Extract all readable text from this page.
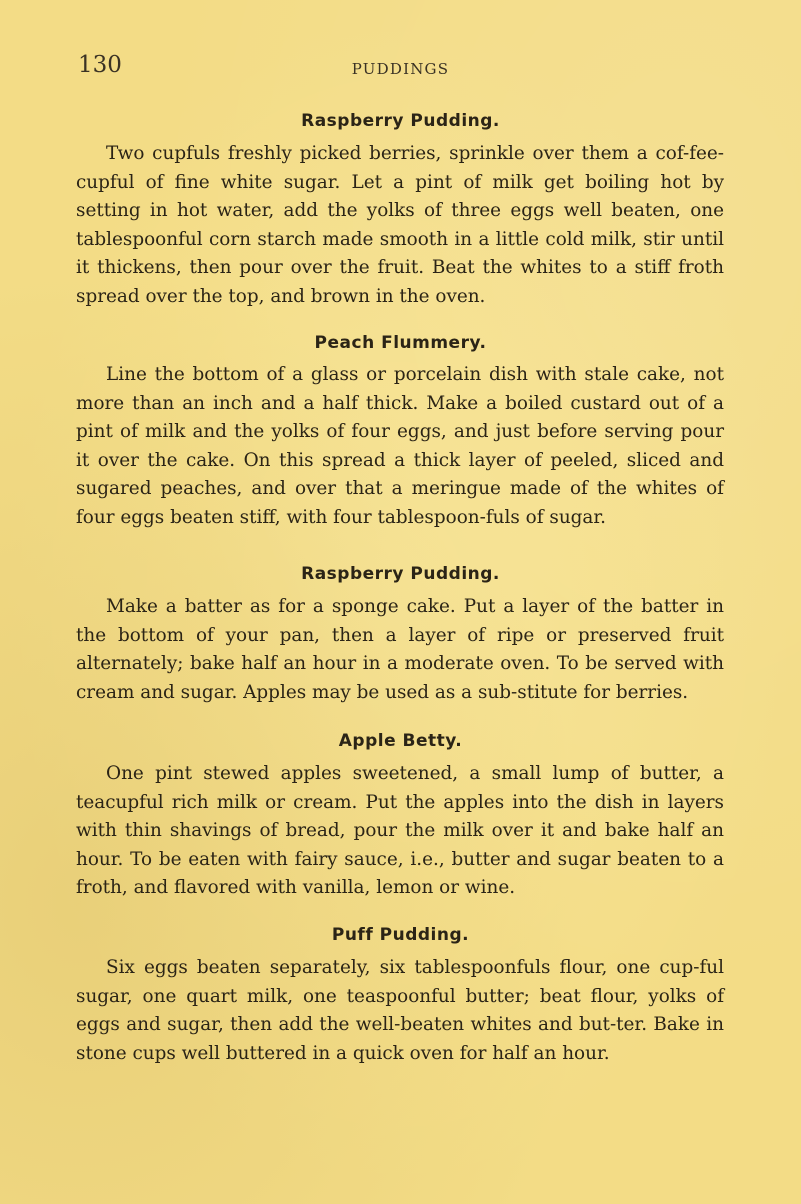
130	PUDDINGS
Raspberry Pudding.

Two cupfuls freshly picked berries, sprinkle over them a cof-fee-cupful of fine white sugar. Let a pint of milk get boiling hot by setting in hot water, add the yolks of three eggs well beaten, one tablespoonful corn starch made smooth in a little cold milk, stir until it thickens, then pour over the fruit. Beat the whites to a stiff froth spread over the top, and brown in the oven.

Peach Flummery.

Line the bottom of a glass or porcelain dish with stale cake, not more than an inch and a half thick. Make a boiled custard out of a pint of milk and the yolks of four eggs, and just before serving pour it over the cake. On this spread a thick layer of peeled, sliced and sugared peaches, and over that a meringue made of the whites of four eggs beaten stiff, with four tablespoon-fuls of sugar.

Raspberry Pudding.

Make a batter as for a sponge cake. Put a layer of the batter in the bottom of your pan, then a layer of ripe or preserved fruit alternately; bake half an hour in a moderate oven. To be served with cream and sugar. Apples may be used as a sub-stitute for berries.

Apple Betty.

One pint stewed apples sweetened, a small lump of butter, a teacupful rich milk or cream. Put the apples into the dish in layers with thin shavings of bread, pour the milk over it and bake half an hour. To be eaten with fairy sauce, i.e., butter and sugar beaten to a froth, and flavored with vanilla, lemon or wine.

Puff Pudding.

Six eggs beaten separately, six tablespoonfuls flour, one cup-ful sugar, one quart milk, one teaspoonful butter; beat flour, yolks of eggs and sugar, then add the well-beaten whites and but-ter. Bake in stone cups well buttered in a quick oven for half an hour.
